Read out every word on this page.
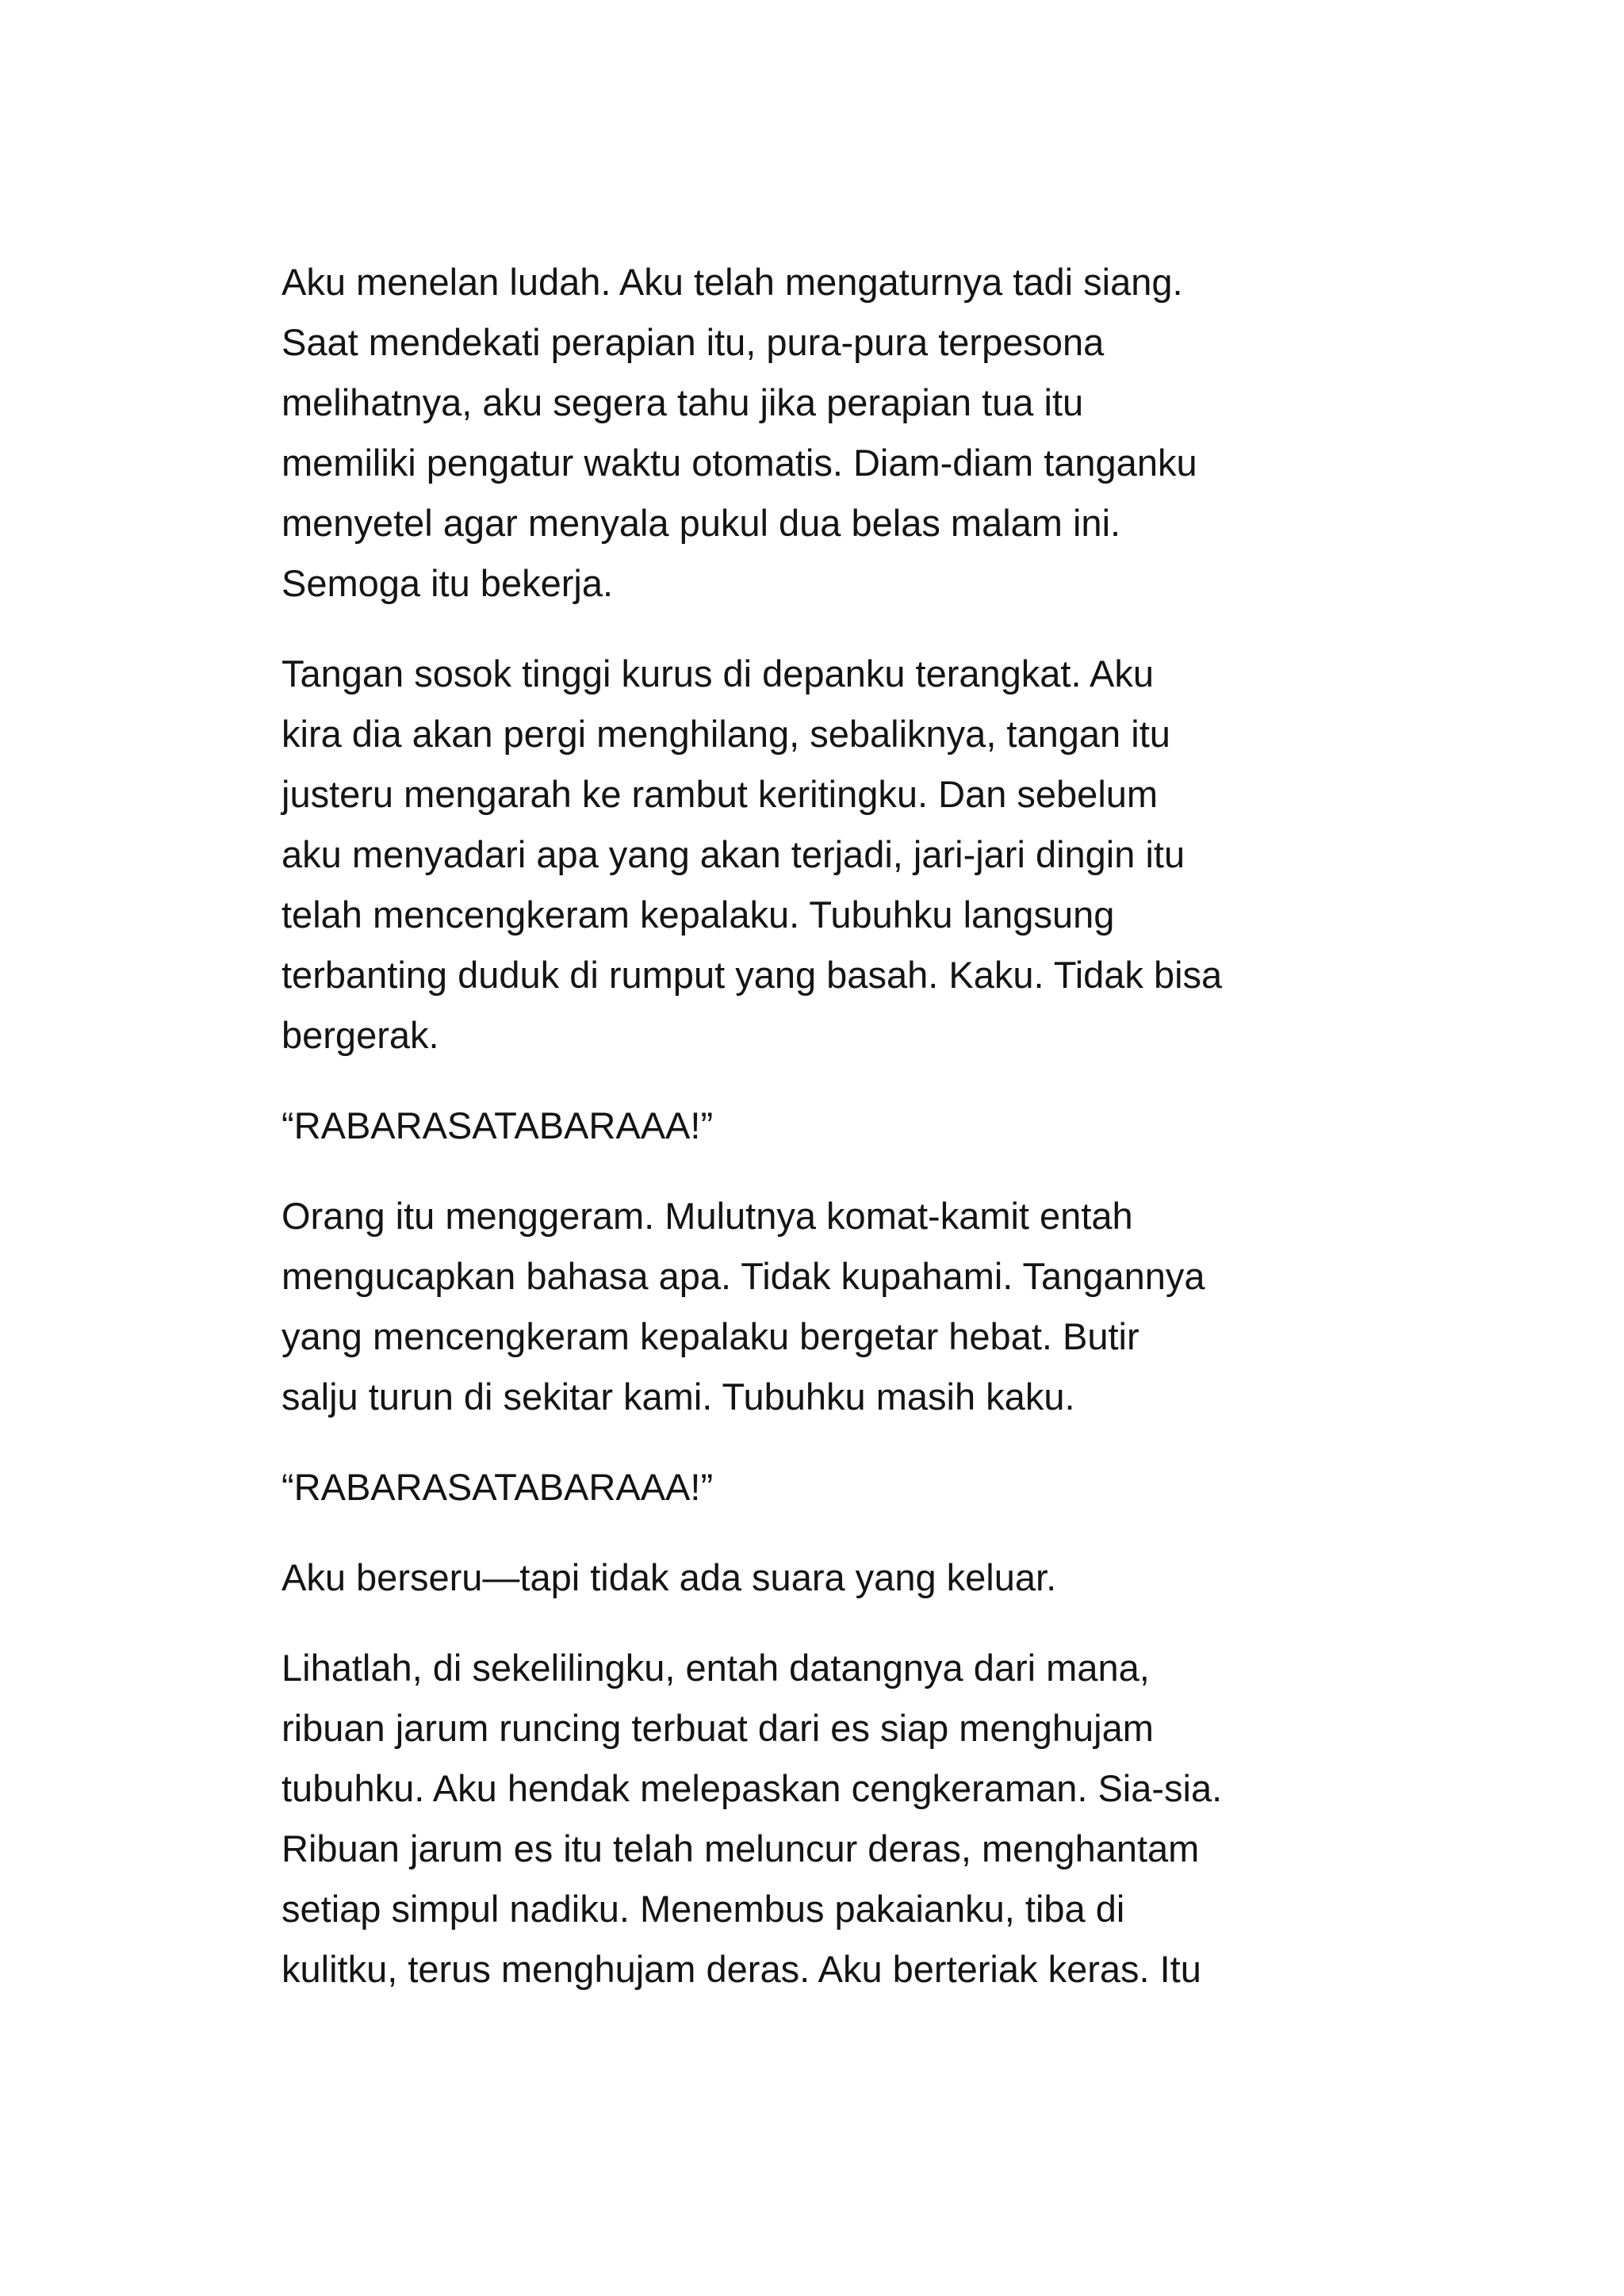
Aku menelan ludah. Aku telah mengaturnya tadi siang.
Saat mendekati perapian itu, pura-pura terpesona
melihatnya, aku segera tahu jika perapian tua itu
memiliki pengatur waktu otomatis. Diam-diam tanganku
menyetel agar menyala pukul dua belas malam ini.
Semoga itu bekerja.

Tangan sosok tinggi kurus di depanku terangkat. Aku
kira dia akan pergi menghilang, sebaliknya, tangan itu
justeru mengarah ke rambut keritingku. Dan sebelum
aku menyadari apa yang akan terjadi, jari-jari dingin itu
telah mencengkeram kepalaku. Tubuhku langsung
terbanting duduk di rumput yang basah. Kaku. Tidak bisa
bergerak.

“RABARASATABARAAA!”

Orang itu menggeram. Mulutnya komat-kamit entah
mengucapkan bahasa apa. Tidak kupahami. Tangannya
yang mencengkeram kepalaku bergetar hebat. Butir
salju turun di sekitar kami. Tubuhku masih kaku.

“RABARASATABARAAA!”

Aku berseru—tapi tidak ada suara yang keluar.

Lihatlah, di sekelilingku, entah datangnya dari mana,
ribuan jarum runcing terbuat dari es siap menghujam
tubuhku. Aku hendak melepaskan cengkeraman. Sia-sia.
Ribuan jarum es itu telah meluncur deras, menghantam
setiap simpul nadiku. Menembus pakaianku, tiba di
kulitku, terus menghujam deras. Aku berteriak keras. Itu
